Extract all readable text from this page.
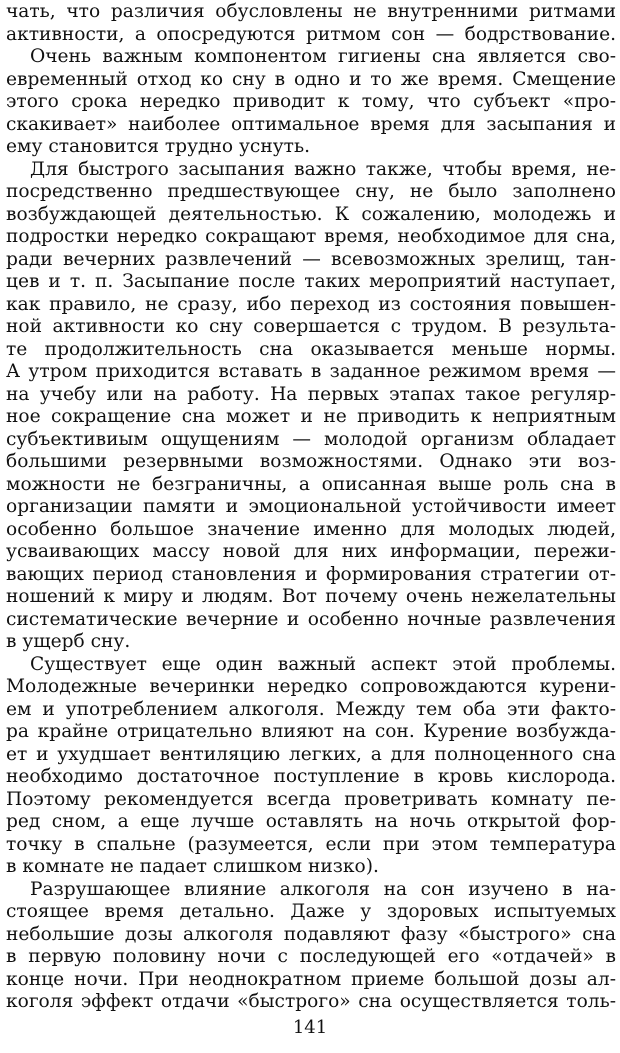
чать, что различия обусловлены не внутренними ритмами
активности, а опосредуются ритмом сон — бодрствование.
Очень важным компонентом гигиены сна является сво-
евременный отход ко сну в одно и то же время. Смещение
этого срока нередко приводит к тому, что субъект «про-
скакивает» наиболее оптимальное время для засыпания и
ему становится трудно уснуть.
Для быстрого засыпания важно также, чтобы время, не-
посредственно предшествующее сну, не было заполнено
возбуждающей деятельностью. К сожалению, молодежь и
подростки нередко сокращают время, необходимое для сна,
ради вечерних развлечений — всевозможных зрелищ, тан-
цев и т. п. Засыпание после таких мероприятий наступает,
как правило, не сразу, ибо переход из состояния повышен-
ной активности ко сну совершается с трудом. В результа-
те продолжительность сна оказывается меньше нормы.
А утром приходится вставать в заданное режимом время —
на учебу или на работу. На первых этапах такое регуляр-
ное сокращение сна может и не приводить к неприятным
субъективиым ощущениям — молодой организм обладает
большими резервными возможностями. Однако эти воз-
можности не безграничны, а описанная выше роль сна в
организации памяти и эмоциональной устойчивости имеет
особенно большое значение именно для молодых людей,
усваивающих массу новой для них информации, пережи-
вающих период становления и формирования стратегии от-
ношений к миру и людям. Вот почему очень нежелательны
систематические вечерние и особенно ночные развлечения
в ущерб сну.
Существует еще один важный аспект этой проблемы.
Молодежные вечеринки нередко сопровождаются курени-
ем и употреблением алкоголя. Между тем оба эти факто-
ра крайне отрицательно влияют на сон. Курение возбужда-
ет и ухудшает вентиляцию легких, а для полноценного сна
необходимо достаточное поступление в кровь кислорода.
Поэтому рекомендуется всегда проветривать комнату пе-
ред сном, а еще лучше оставлять на ночь открытой фор-
точку в спальне (разумеется, если при этом температура
в комнате не падает слишком низко).
Разрушающее влияние алкоголя на сон изучено в на-
стоящее время детально. Даже у здоровых испытуемых
небольшие дозы алкоголя подавляют фазу «быстрого» сна
в первую половину ночи с последующей его «отдачей» в
конце ночи. При неоднократном приеме большой дозы ал-
коголя эффект отдачи «быстрого» сна осуществляется толь-
141
